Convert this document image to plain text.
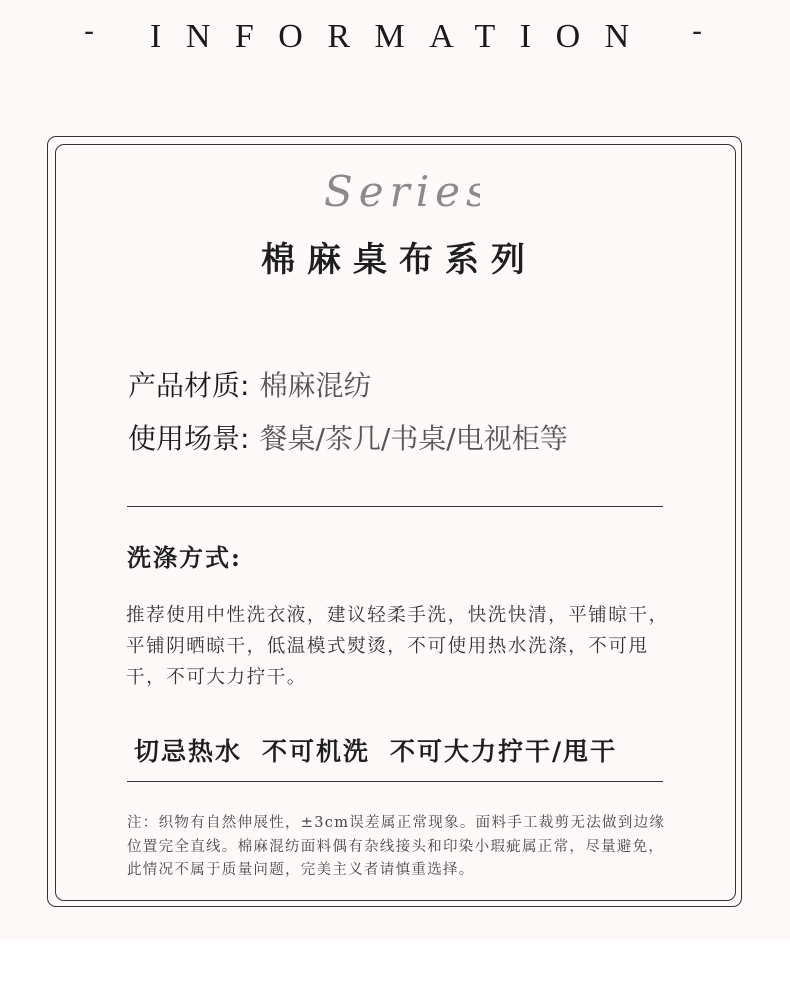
- INFORMATION -
Series
棉麻桌布系列
产品材质: 棉麻混纺
使用场景: 餐桌/茶几/书桌/电视柜等
洗涤方式:
推荐使用中性洗衣液，建议轻柔手洗，快洗快清，平铺晾干，平铺阴晒晾干，低温模式熨烫，不可使用热水洗涤，不可甩干，不可大力拧干。
切忌热水 不可机洗 不可大力拧干/甩干
注：织物有自然伸展性，±3cm误差属正常现象。面料手工裁剪无法做到边缘位置完全直线。棉麻混纺面料偶有杂线接头和印染小瑕疵属正常，尽量避免，此情况不属于质量问题，完美主义者请慎重选择。
